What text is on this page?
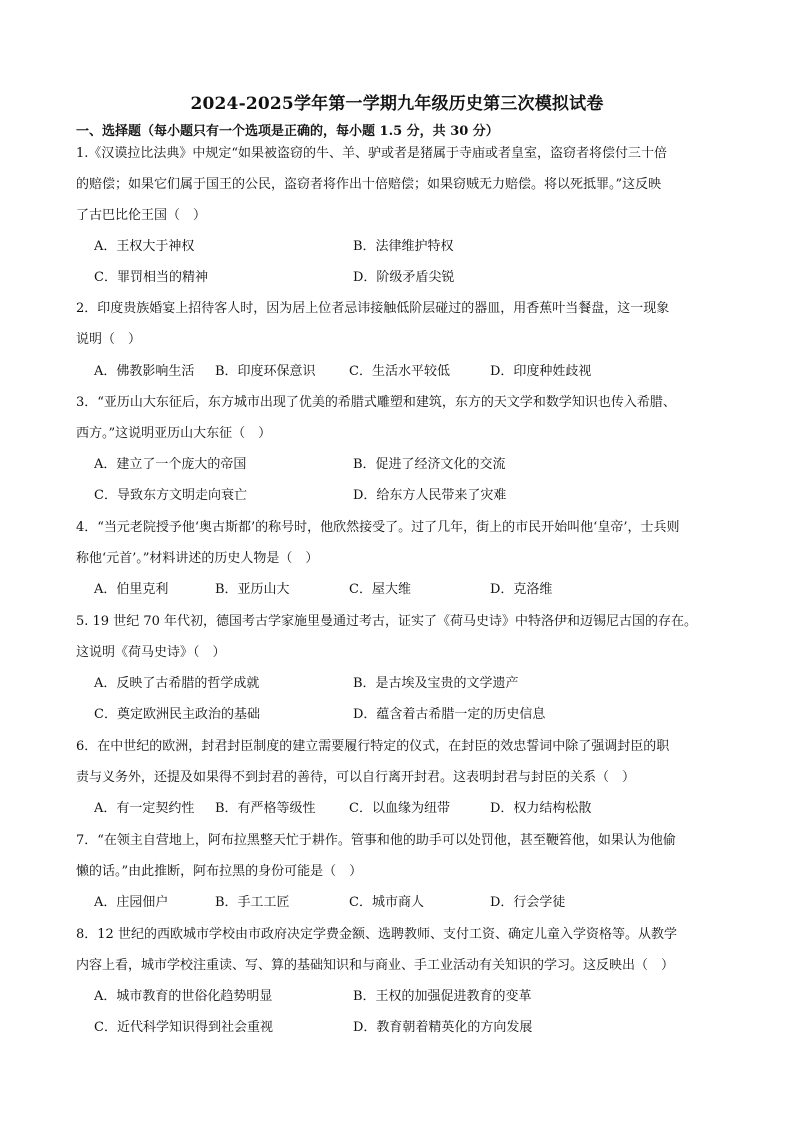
2024-2025学年第一学期九年级历史第三次模拟试卷
一、选择题（每小题只有一个选项是正确的，每小题 1.5 分，共 30 分）
1.《汉谟拉比法典》中规定“如果被盗窃的牛、羊、驴或者是猪属于寺庙或者皇室，盗窃者将偿付三十倍
的赔偿；如果它们属于国王的公民，盗窃者将作出十倍赔偿；如果窃贼无力赔偿。将以死抵罪。”这反映
了古巴比伦王国（　）
A．王权大于神权	B．法律维护特权
C．罪罚相当的精神	D．阶级矛盾尖锐
2．印度贵族婚宴上招待客人时，因为居上位者忌讳接触低阶层碰过的器皿，用香蕉叶当餐盘，这一现象
说明（　）
A．佛教影响生活 B．印度环保意识	C．生活水平较低	D．印度种姓歧视
3．“亚历山大东征后，东方城市出现了优美的希腊式雕塑和建筑，东方的天文学和数学知识也传入希腊、
西方。”这说明亚历山大东征（　）
A．建立了一个庞大的帝国	B．促进了经济文化的交流
C．导致东方文明走向衰亡	D．给东方人民带来了灾难
4．“当元老院授予他‘奥古斯都’的称号时，他欣然接受了。过了几年，街上的市民开始叫他‘皇帝’，士兵则
称他‘元首’。”材料讲述的历史人物是（　）
A．伯里克利	B．亚历山大	C．屋大维	D．克洛维
5. 19 世纪 70 年代初，德国考古学家施里曼通过考古，证实了《荷马史诗》中特洛伊和迈锡尼古国的存在。
这说明《荷马史诗》（　）
A．反映了古希腊的哲学成就	B．是古埃及宝贵的文学遗产
C．奠定欧洲民主政治的基础	D．蕴含着古希腊一定的历史信息
6．在中世纪的欧洲，封君封臣制度的建立需要履行特定的仪式，在封臣的效忠誓词中除了强调封臣的职
责与义务外，还提及如果得不到封君的善待，可以自行离开封君。这表明封君与封臣的关系（　）
A．有一定契约性 B．有严格等级性	C．以血缘为纽带	D．权力结构松散
7．“在领主自营地上，阿布拉黑整天忙于耕作。管事和他的助手可以处罚他，甚至鞭笞他，如果认为他偷
懒的话。”由此推断，阿布拉黑的身份可能是（　）
A．庄园佃户	B．手工工匠	C．城市商人	D．行会学徒
8．12 世纪的西欧城市学校由市政府决定学费金额、选聘教师、支付工资、确定儿童入学资格等。从教学
内容上看，城市学校注重读、写、算的基础知识和与商业、手工业活动有关知识的学习。这反映出（　）
A．城市教育的世俗化趋势明显	B．王权的加强促进教育的变革
C．近代科学知识得到社会重视	D．教育朝着精英化的方向发展
